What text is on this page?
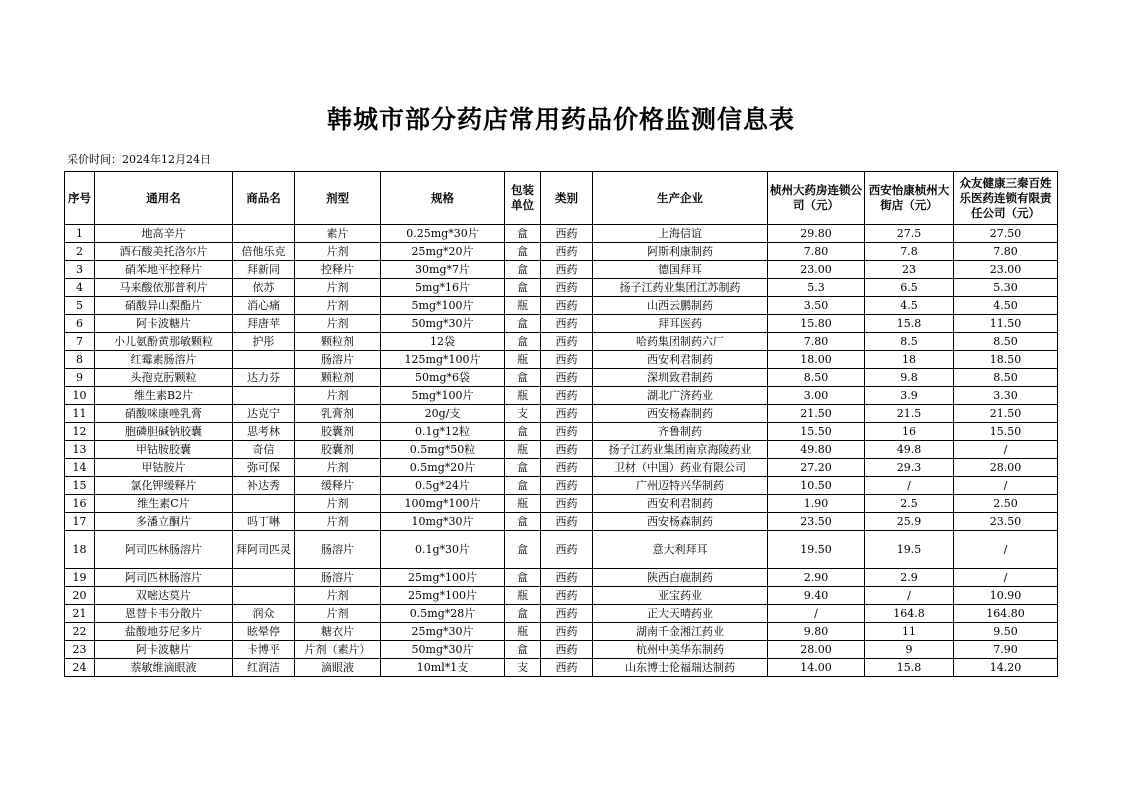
韩城市部分药店常用药品价格监测信息表
采价时间：2024年12月24日
序号	通用名	商品名	剂型	规格	包装单位	类别	生产企业	桢州大药房连锁公司（元）	西安怡康桢州大街店（元）	众友健康三秦百姓乐医药连锁有限责任公司（元）
1	地高辛片		素片	0.25mg*30片	盒	西药	上海信谊	29.80	27.5	27.50
2	酒石酸美托洛尔片	倍他乐克	片剂	25mg*20片	盒	西药	阿斯利康制药	7.80	7.8	7.80
3	硝苯地平控释片	拜新同	控释片	30mg*7片	盒	西药	德国拜耳	23.00	23	23.00
4	马来酸依那普利片	依苏	片剂	5mg*16片	盒	西药	扬子江药业集团江苏制药	5.3	6.5	5.30
5	硝酸异山梨酯片	消心痛	片剂	5mg*100片	瓶	西药	山西云鹏制药	3.50	4.5	4.50
6	阿卡波糖片	拜唐苹	片剂	50mg*30片	盒	西药	拜耳医药	15.80	15.8	11.50
7	小儿氨酚黄那敏颗粒	护彤	颗粒剂	12袋	盒	西药	哈药集团制药六厂	7.80	8.5	8.50
8	红霉素肠溶片		肠溶片	125mg*100片	瓶	西药	西安利君制药	18.00	18	18.50
9	头孢克肟颗粒	达力芬	颗粒剂	50mg*6袋	盒	西药	深圳致君制药	8.50	9.8	8.50
10	维生素B2片		片剂	5mg*100片	瓶	西药	湖北广济药业	3.00	3.9	3.30
11	硝酸咪康唑乳膏	达克宁	乳膏剂	20g/支	支	西药	西安杨森制药	21.50	21.5	21.50
12	胞磷胆碱钠胶囊	思考林	胶囊剂	0.1g*12粒	盒	西药	齐鲁制药	15.50	16	15.50
13	甲钴胺胶囊	奇信	胶囊剂	0.5mg*50粒	瓶	西药	扬子江药业集团南京海陵药业	49.80	49.8	/
14	甲钴胺片	弥可保	片剂	0.5mg*20片	盒	西药	卫材（中国）药业有限公司	27.20	29.3	28.00
15	氯化钾缓释片	补达秀	缓释片	0.5g*24片	盒	西药	广州迈特兴华制药	10.50	/	/
16	维生素C片		片剂	100mg*100片	瓶	西药	西安利君制药	1.90	2.5	2.50
17	多潘立酮片	吗丁啉	片剂	10mg*30片	盒	西药	西安杨森制药	23.50	25.9	23.50
18	阿司匹林肠溶片	拜阿司匹灵	肠溶片	0.1g*30片	盒	西药	意大利拜耳	19.50	19.5	/
19	阿司匹林肠溶片		肠溶片	25mg*100片	盒	西药	陕西白鹿制药	2.90	2.9	/
20	双嘧达莫片		片剂	25mg*100片	瓶	西药	亚宝药业	9.40	/	10.90
21	恩替卡韦分散片	润众	片剂	0.5mg*28片	盒	西药	正大天晴药业	/	164.8	164.80
22	盐酸地芬尼多片	眩晕停	糖衣片	25mg*30片	瓶	西药	湖南千金湘江药业	9.80	11	9.50
23	阿卡波糖片	卡博平	片剂（素片）	50mg*30片	盒	西药	杭州中美华东制药	28.00	9	7.90
24	萘敏维滴眼液	红润洁	滴眼液	10ml*1支	支	西药	山东博士伦福瑞达制药	14.00	15.8	14.20
